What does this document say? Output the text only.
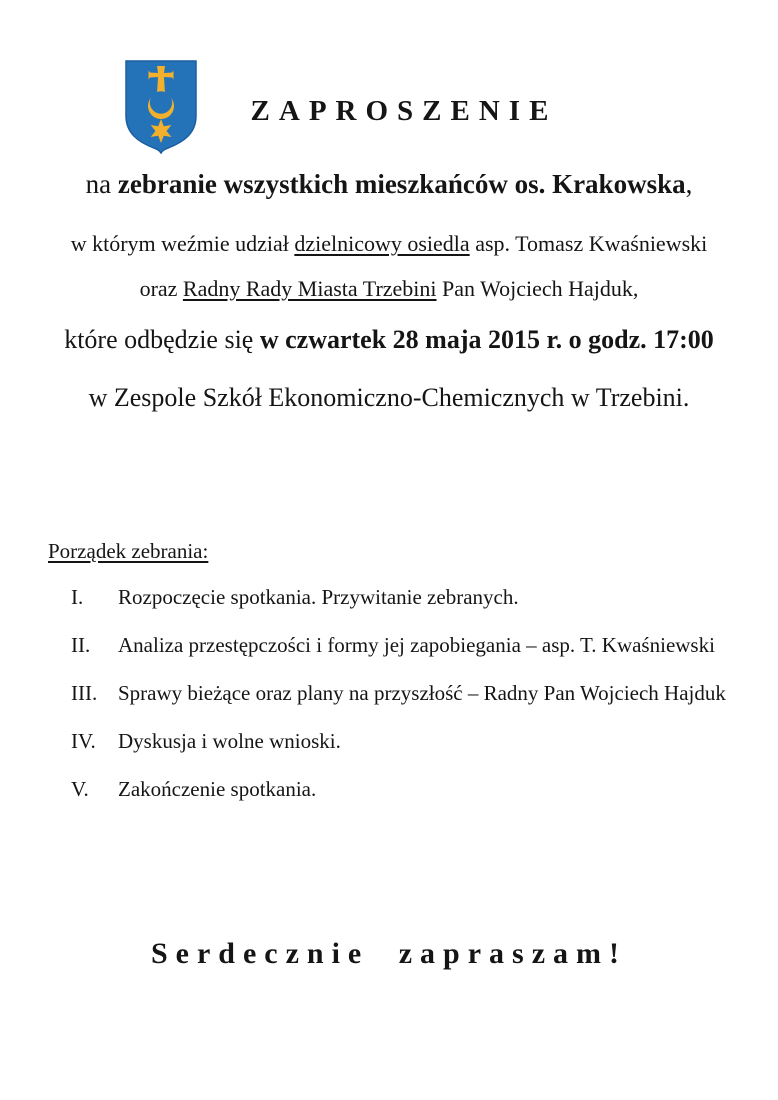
ZAPROSZENIE
na zebranie wszystkich mieszkańców os. Krakowska,
w którym weźmie udział dzielnicowy osiedla asp. Tomasz Kwaśniewski
oraz Radny Rady Miasta Trzebini Pan Wojciech Hajduk,
które odbędzie się w czwartek 28 maja 2015 r. o godz. 17:00
w Zespole Szkół Ekonomiczno-Chemicznych w Trzebini.
Porządek zebrania:
I. Rozpoczęcie spotkania. Przywitanie zebranych.
II. Analiza przestępczości i formy jej zapobiegania – asp. T. Kwaśniewski
III. Sprawy bieżące oraz plany na przyszłość – Radny Pan Wojciech Hajduk
IV. Dyskusja i wolne wnioski.
V. Zakończenie spotkania.
Serdecznie zapraszam!
